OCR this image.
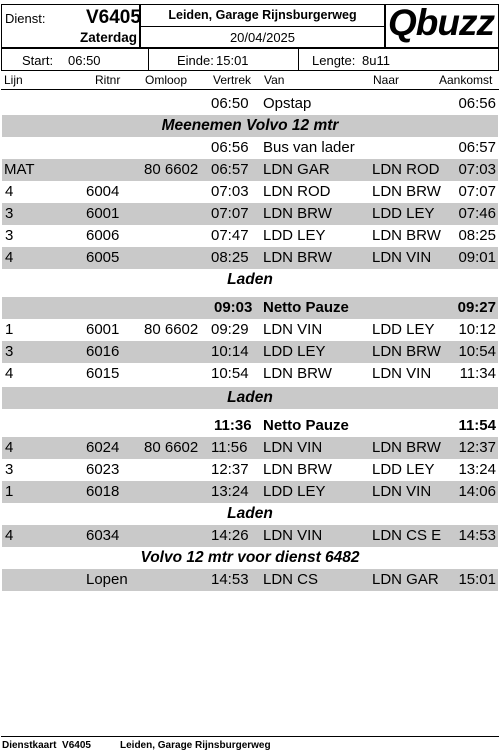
Dienst: V6405
Zaterdag
Leiden, Garage Rijnsburgerweg
20/04/2025	Qbuzz
Start: 06:50	Einde: 15:01	Lengte: 8u11
Lijn	Ritnr Omloop Vertrek Van	Naar	Aankomst
06:50 Opstap	06:56
Meenemen Volvo 12 mtr
06:56 Bus van lader	06:57
MAT	80 6602 06:57 LDN GAR	LDN ROD 07:03
4	6004	07:03 LDN ROD	LDN BRW 07:07
3	6001	07:07 LDN BRW	LDD LEY 07:46
3	6006	07:47 LDD LEY	LDN BRW 08:25
4	6005	08:25 LDN BRW	LDN VIN 09:01
Laden
09:03 Netto Pauze	09:27
1	6001 80 6602 09:29 LDN VIN	LDD LEY 10:12
3	6016	10:14 LDD LEY	LDN BRW 10:54
4	6015	10:54 LDN BRW	LDN VIN 11:34
Laden
11:36 Netto Pauze	11:54
4	6024 80 6602 11:56 LDN VIN	LDN BRW 12:37
3	6023	12:37 LDN BRW	LDD LEY 13:24
1	6018	13:24 LDD LEY	LDN VIN 14:06
Laden
4	6034	14:26 LDN VIN	LDN CS E 14:53
Volvo 12 mtr voor dienst 6482
Lopen	14:53 LDN CS	LDN GAR 15:01
Dienstkaart  V6405	Leiden, Garage Rijnsburgerweg
